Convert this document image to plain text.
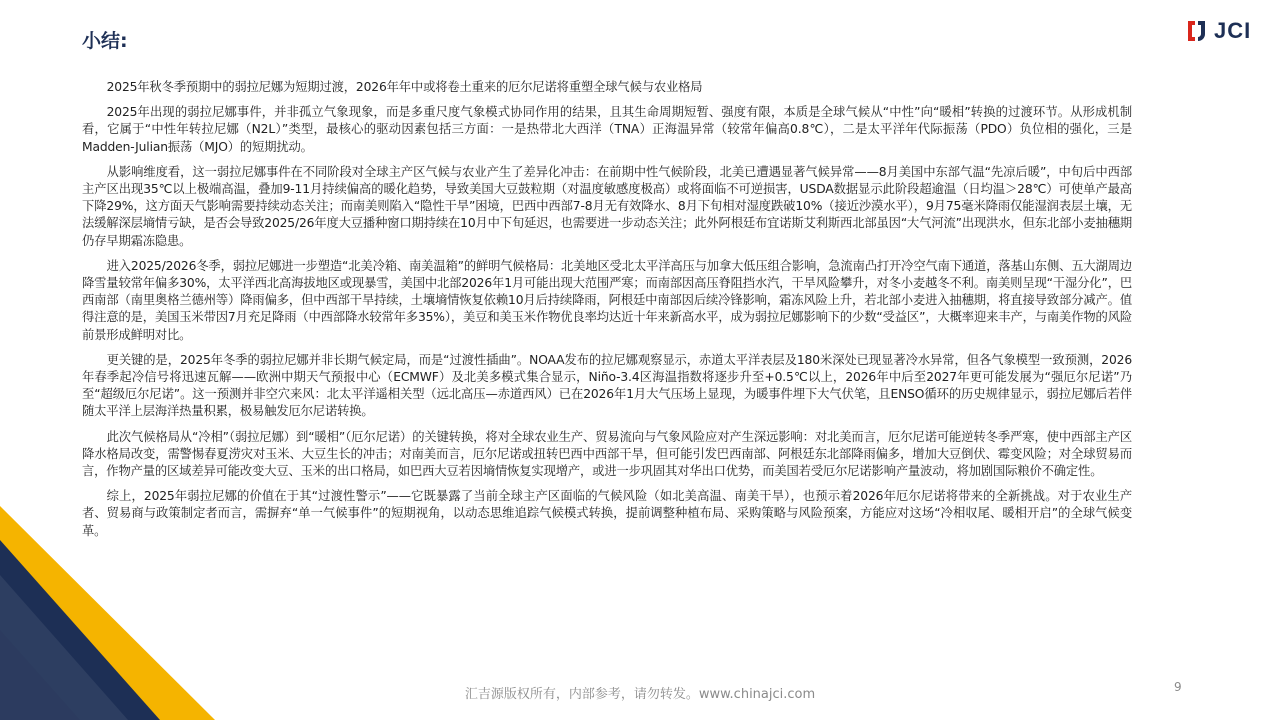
小结:	JCI

2025年秋冬季预期中的弱拉尼娜为短期过渡，2026年年中或将卷土重来的厄尔尼诺将重塑全球气候与农业格局

2025年出现的弱拉尼娜事件，并非孤立气象现象，而是多重尺度气象模式协同作用的结果，且其生命周期短暂、强度有限，本质是全球气候从“中性”向“暖相”转换的过渡环节。从形成机制看，它属于“中性年转拉尼娜（N2L）”类型，最核心的驱动因素包括三方面：一是热带北大西洋（TNA）正海温异常（较常年偏高0.8℃），二是太平洋年代际振荡（PDO）负位相的强化，三是Madden-Julian振荡（MJO）的短期扰动。

从影响维度看，这一弱拉尼娜事件在不同阶段对全球主产区气候与农业产生了差异化冲击：在前期中性气候阶段，北美已遭遇显著气候异常——8月美国中东部气温“先凉后暖”，中旬后中西部主产区出现35℃以上极端高温，叠加9-11月持续偏高的暖化趋势，导致美国大豆鼓粒期（对温度敏感度极高）或将面临不可逆损害，USDA数据显示此阶段超逾温（日均温＞28℃）可使单产最高下降29%，这方面天气影响需要持续动态关注；而南美则陷入“隐性干旱”困境，巴西中西部7-8月无有效降水、8月下旬相对湿度跌破10%（接近沙漠水平），9月75毫米降雨仅能湿润表层土壤，无法缓解深层墒情亏缺，是否会导致2025/26年度大豆播种窗口期持续在10月中下旬延迟，也需要进一步动态关注；此外阿根廷布宜诺斯艾利斯西北部虽因“大气河流”出现洪水，但东北部小麦抽穗期仍存早期霜冻隐患。

进入2025/2026冬季，弱拉尼娜进一步塑造“北美冷箱、南美温箱”的鲜明气候格局：北美地区受北太平洋高压与加拿大低压组合影响，急流南凸打开冷空气南下通道，落基山东侧、五大湖周边降雪量较常年偏多30%，太平洋西北高海拔地区或现暴雪，美国中北部2026年1月可能出现大范围严寒；而南部因高压脊阻挡水汽，干旱风险攀升，对冬小麦越冬不利。南美则呈现“干湿分化”，巴西南部（南里奥格兰德州等）降雨偏多，但中西部干旱持续，土壤墒情恢复依赖10月后持续降雨，阿根廷中南部因后续冷锋影响，霜冻风险上升，若北部小麦进入抽穗期，将直接导致部分减产。值得注意的是，美国玉米带因7月充足降雨（中西部降水较常年多35%），美豆和美玉米作物优良率均达近十年来新高水平，成为弱拉尼娜影响下的少数“受益区”，大概率迎来丰产，与南美作物的风险前景形成鲜明对比。

更关键的是，2025年冬季的弱拉尼娜并非长期气候定局，而是“过渡性插曲”。NOAA发布的拉尼娜观察显示，赤道太平洋表层及180米深处已现显著冷水异常，但各气象模型一致预测，2026年春季起冷信号将迅速瓦解——欧洲中期天气预报中心（ECMWF）及北美多模式集合显示，Niño-3.4区海温指数将逐步升至+0.5℃以上，2026年中后至2027年更可能发展为“强厄尔尼诺”乃至“超级厄尔尼诺”。这一预测并非空穴来风：北太平洋遥相关型（远北高压—赤道西风）已在2026年1月大气压场上显现，为暖事件埋下大气伏笔，且ENSO循环的历史规律显示，弱拉尼娜后若伴随太平洋上层海洋热量积累，极易触发厄尔尼诺转换。

此次气候格局从“冷相”（弱拉尼娜）到“暖相”（厄尔尼诺）的关键转换，将对全球农业生产、贸易流向与气象风险应对产生深远影响：对北美而言，厄尔尼诺可能逆转冬季严寒，使中西部主产区降水格局改变，需警惕春夏涝灾对玉米、大豆生长的冲击；对南美而言，厄尔尼诺或扭转巴西中西部干旱，但可能引发巴西南部、阿根廷东北部降雨偏多，增加大豆倒伏、霉变风险；对全球贸易而言，作物产量的区域差异可能改变大豆、玉米的出口格局，如巴西大豆若因墒情恢复实现增产，或进一步巩固其对华出口优势，而美国若受厄尔尼诺影响产量波动，将加剧国际粮价不确定性。

综上，2025年弱拉尼娜的价值在于其“过渡性警示”——它既暴露了当前全球主产区面临的气候风险（如北美高温、南美干旱），也预示着2026年厄尔尼诺将带来的全新挑战。对于农业生产者、贸易商与政策制定者而言，需摒弃“单一气候事件”的短期视角，以动态思维追踪气候模式转换，提前调整种植布局、采购策略与风险预案，方能应对这场“冷相収尾、暖相开启”的全球气候变革。

汇吉源版权所有，内部参考，请勿转发。www.chinajci.com	9
